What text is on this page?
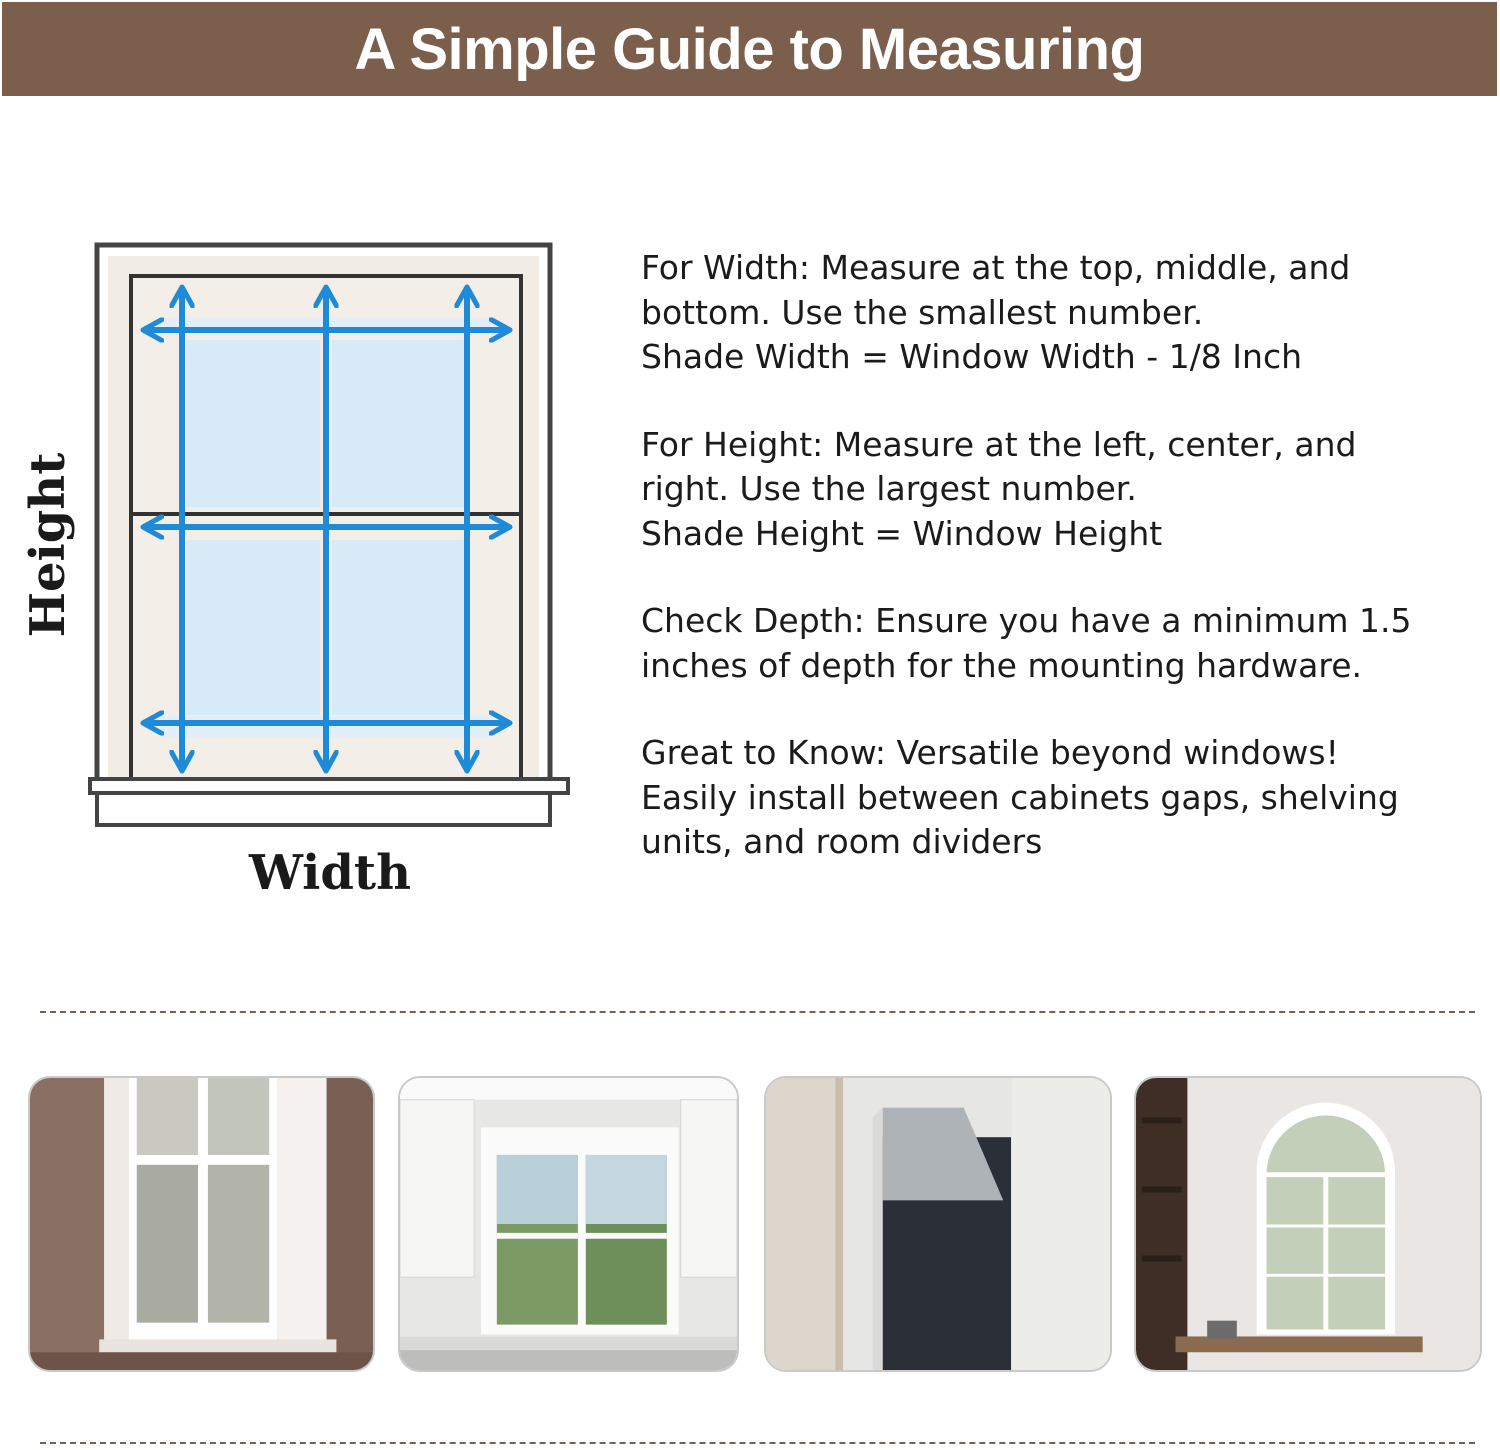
A Simple Guide to Measuring
Height
Width
For Width: Measure at the top, middle, and
bottom. Use the smallest number.
Shade Width = Window Width - 1/8 Inch
For Height: Measure at the left, center, and
right. Use the largest number.
Shade Height = Window Height
Check Depth: Ensure you have a minimum 1.5
inches of depth for the mounting hardware.
Great to Know: Versatile beyond windows!
Easily install between cabinets gaps, shelving
units, and room dividers
